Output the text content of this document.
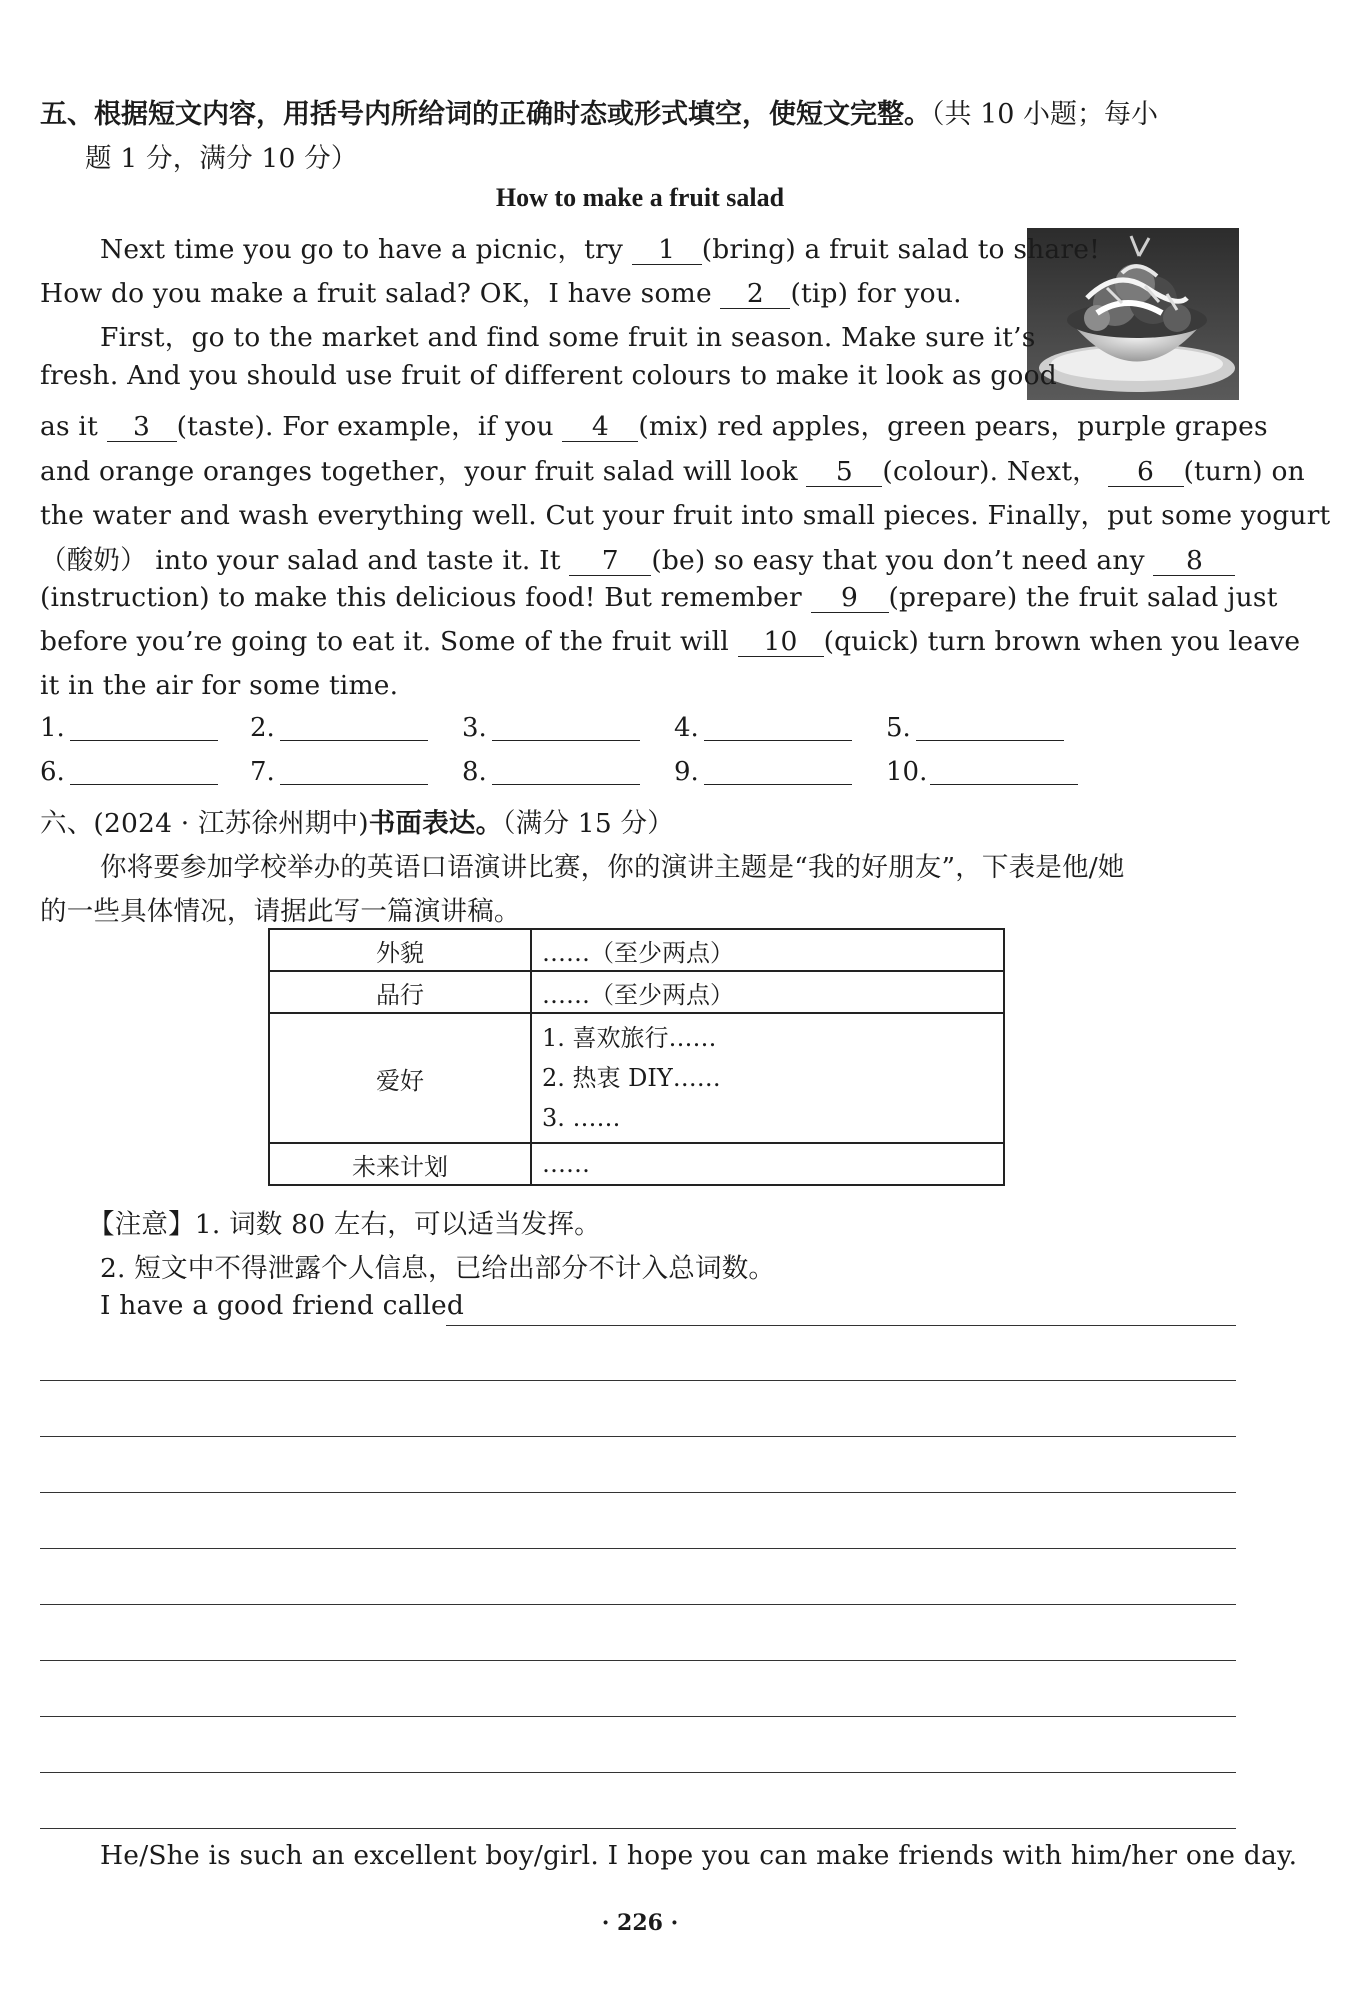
五、根据短文内容，用括号内所给词的正确时态或形式填空，使短文完整。（共 10 小题；每小
题 1 分，满分 10 分）
How to make a fruit salad
Next time you go to have a picnic，try 1 (bring) a fruit salad to share!
How do you make a fruit salad? OK，I have some 2 (tip) for you.
First，go to the market and find some fruit in season. Make sure it’s
fresh. And you should use fruit of different colours to make it look as good
as it 3 (taste). For example，if you 4 (mix) red apples，green pears，purple grapes
and orange oranges together，your fruit salad will look 5 (colour). Next， 6 (turn) on
the water and wash everything well. Cut your fruit into small pieces. Finally，put some yogurt
（酸奶） into your salad and taste it. It 7 (be) so easy that you don’t need any 8
(instruction) to make this delicious food! But remember 9 (prepare) the fruit salad just
before you’re going to eat it. Some of the fruit will 10 (quick) turn brown when you leave
it in the air for some time.
1.	2.	3.	4.	5.
6.	7.	8.	9.	10.
六、(2024 · 江苏徐州期中)书面表达。（满分 15 分）
你将要参加学校举办的英语口语演讲比赛，你的演讲主题是“我的好朋友”，下表是他/她
的一些具体情况，请据此写一篇演讲稿。
外貌	……（至少两点）
品行	……（至少两点）
爱好	1. 喜欢旅行……
2. 热衷 DIY……
3. ……

未来计划	……
【注意】1. 词数 80 左右，可以适当发挥。
2. 短文中不得泄露个人信息，已给出部分不计入总词数。
I have a good friend called
He/She is such an excellent boy/girl. I hope you can make friends with him/her one day.
· 226 ·
